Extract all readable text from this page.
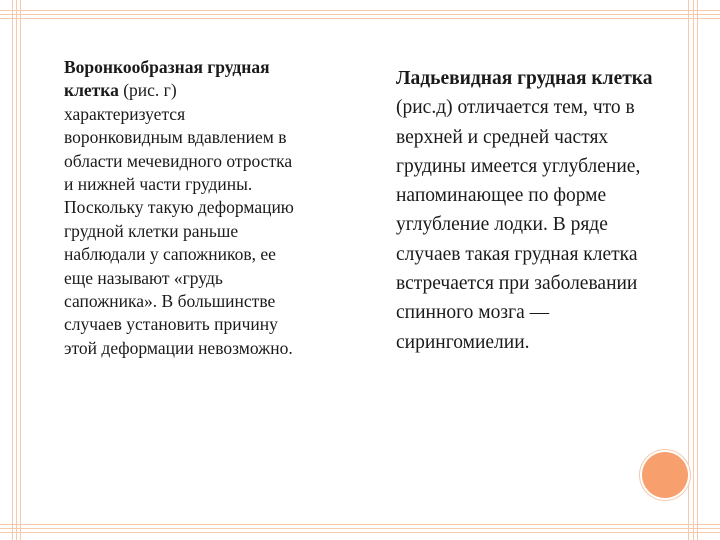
Воронкообразная грудная клетка (рис. г) характеризуется воронковидным вдавлением в области мечевидного отростка и нижней части грудины. Поскольку такую деформацию грудной клетки раньше наблюдали у сапожников, ее еще называют «грудь сапожника». В большинстве случаев установить причину этой деформации невозможно.

Ладьевидная грудная клетка (рис.д) отличается тем, что в верхней и средней частях грудины имеется углубление, напоминающее по форме углубление лодки. В ряде случаев такая грудная клетка встречается при заболевании спинного мозга — сирингомиелии.
